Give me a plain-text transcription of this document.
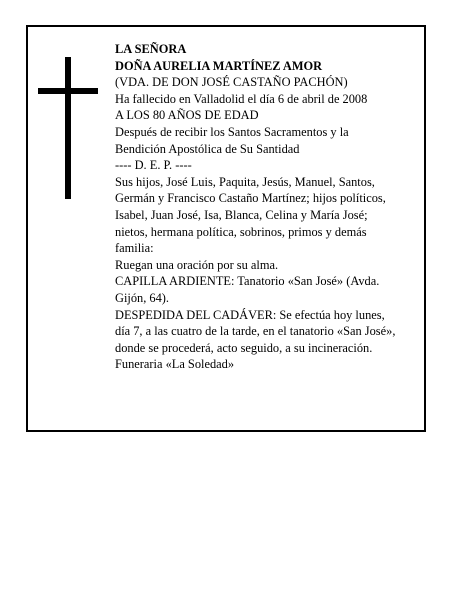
LA SEÑORA
DOÑA AURELIA MARTÍNEZ AMOR
(VDA. DE DON JOSÉ CASTAÑO PACHÓN)
Ha fallecido en Valladolid el día 6 de abril de 2008
A LOS 80 AÑOS DE EDAD
Después de recibir los Santos Sacramentos y la
Bendición Apostólica de Su Santidad
---- D. E. P. ----
Sus hijos, José Luis, Paquita, Jesús, Manuel, Santos,
Germán y Francisco Castaño Martínez; hijos políticos,
Isabel, Juan José, Isa, Blanca, Celina y María José;
nietos, hermana política, sobrinos, primos y demás
familia:
Ruegan una oración por su alma.
CAPILLA ARDIENTE: Tanatorio «San José» (Avda.
Gijón, 64).
DESPEDIDA DEL CADÁVER: Se efectúa hoy lunes,
día 7, a las cuatro de la tarde, en el tanatorio «San José»,
donde se procederá, acto seguido, a su incineración.
Funeraria «La Soledad»
